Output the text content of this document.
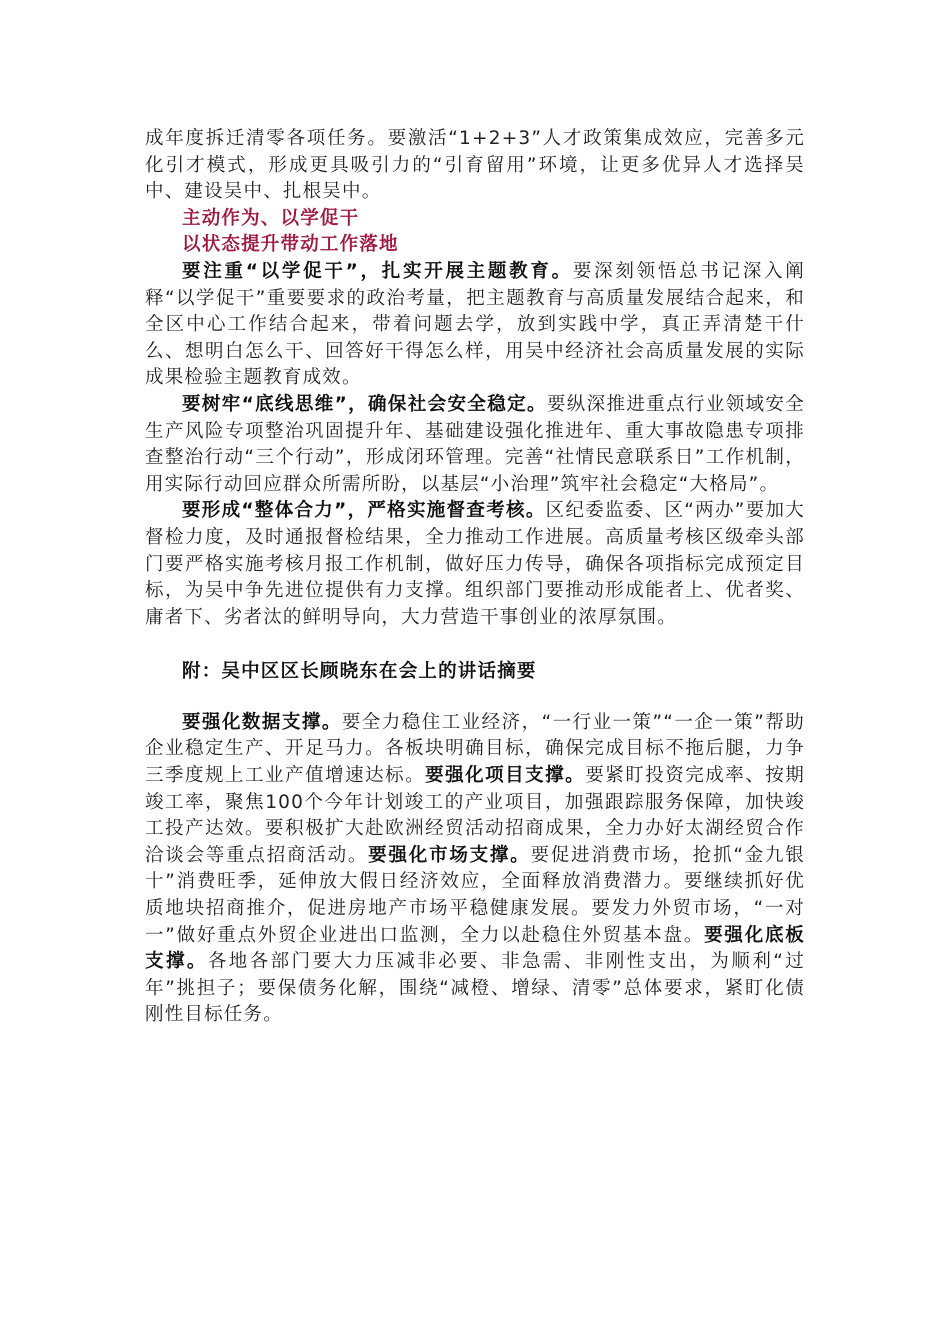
成年度拆迁清零各项任务。要激活“1+2+3”人才政策集成效应，完善多元化引才模式，形成更具吸引力的“引育留用”环境，让更多优异人才选择吴中、建设吴中、扎根吴中。

主动作为、以学促干
以状态提升带动工作落地

要注重“以学促干”，扎实开展主题教育。要深刻领悟总书记深入阐释“以学促干”重要要求的政治考量，把主题教育与高质量发展结合起来，和全区中心工作结合起来，带着问题去学，放到实践中学，真正弄清楚干什么、想明白怎么干、回答好干得怎么样，用吴中经济社会高质量发展的实际成果检验主题教育成效。

要树牢“底线思维”，确保社会安全稳定。要纵深推进重点行业领域安全生产风险专项整治巩固提升年、基础建设强化推进年、重大事故隐患专项排查整治行动“三个行动”，形成闭环管理。完善“社情民意联系日”工作机制，用实际行动回应群众所需所盼，以基层“小治理”筑牢社会稳定“大格局”。

要形成“整体合力”，严格实施督查考核。区纪委监委、区“两办”要加大督检力度，及时通报督检结果，全力推动工作进展。高质量考核区级牵头部门要严格实施考核月报工作机制，做好压力传导，确保各项指标完成预定目标，为吴中争先进位提供有力支撑。组织部门要推动形成能者上、优者奖、庸者下、劣者汰的鲜明导向，大力营造干事创业的浓厚氛围。

附：吴中区区长顾晓东在会上的讲话摘要

要强化数据支撑。要全力稳住工业经济，“一行业一策”“一企一策”帮助企业稳定生产、开足马力。各板块明确目标，确保完成目标不拖后腿，力争三季度规上工业产值增速达标。要强化项目支撑。要紧盯投资完成率、按期竣工率，聚焦100个今年计划竣工的产业项目，加强跟踪服务保障，加快竣工投产达效。要积极扩大赴欧洲经贸活动招商成果，全力办好太湖经贸合作洽谈会等重点招商活动。要强化市场支撑。要促进消费市场，抢抓“金九银十”消费旺季，延伸放大假日经济效应，全面释放消费潜力。要继续抓好优质地块招商推介，促进房地产市场平稳健康发展。要发力外贸市场，“一对一”做好重点外贸企业进出口监测，全力以赴稳住外贸基本盘。要强化底板支撑。各地各部门要大力压减非必要、非急需、非刚性支出，为顺利“过年”挑担子；要保债务化解，围绕“减橙、增绿、清零”总体要求，紧盯化债刚性目标任务。
